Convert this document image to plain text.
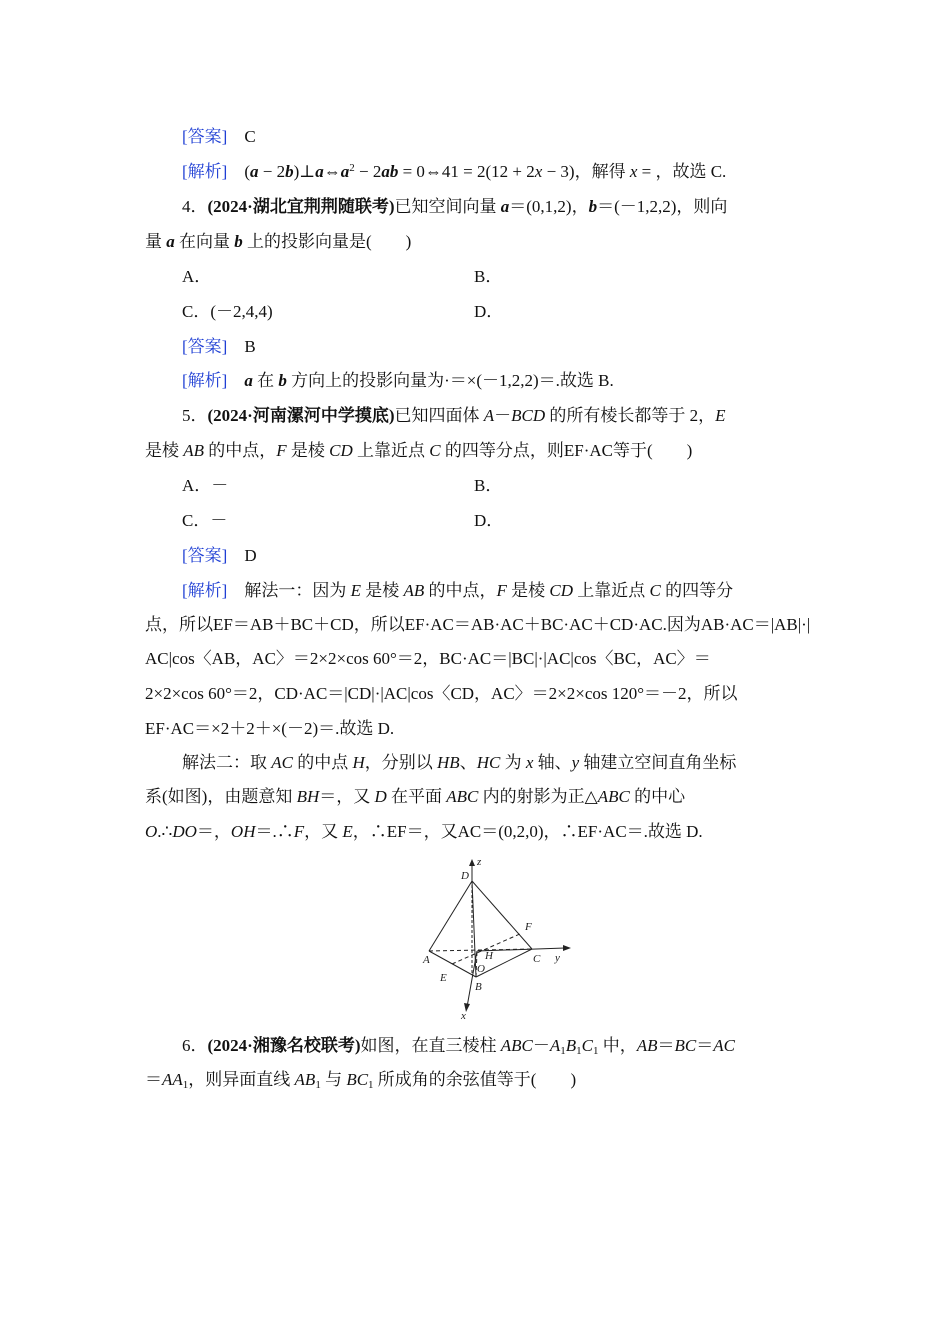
[答案]　 C
[解析]　 $(a - 2b)\perp a\Leftrightarrow a^2 - 2ab$ = 0⇔41 = 2(12 + 2x − 3)，解得 x = ，故选 C.
4．(2024·湖北宜荆荆随联考)已知空间向量 a＝(0,1,2)，b＝(－1,2,2)，则向
量 a 在向量 b 上的投影向量是(　　)
A．	B．
C．(－2,4,4)	D．
[答案]　 B
[解析]　 a 在 b 方向上的投影向量为·＝×(－1,2,2)＝.故选 B.
5．(2024·河南漯河中学摸底)已知四面体 A－BCD 的所有棱长都等于 2，E
是棱 AB 的中点，F 是棱 CD 上靠近点 C 的四等分点，则EF·AC等于(　　)
A．－	B．
C．－	D．
[答案]　 D
[解析]　 解法一：因为 E 是棱 AB 的中点，F 是棱 CD 上靠近点 C 的四等分
点，所以EF＝AB＋BC＋CD，所以EF·AC＝AB·AC＋BC·AC＋CD·AC.因为AB·AC＝|AB|·|
AC|cos〈AB，AC〉＝2×2×cos 60°＝2，BC·AC＝|BC|·|AC|cos〈BC，AC〉＝
2×2×cos 60°＝2，CD·AC＝|CD|·|AC|cos〈CD，AC〉＝2×2×cos 120°＝－2，所以
EF·AC＝×2＋2＋×(－2)＝.故选 D.
解法二：取 AC 的中点 H，分别以 HB、HC 为 x 轴、y 轴建立空间直角坐标
系(如图)，由题意知 BH＝，又 D 在平面 ABC 内的射影为正△ABC 的中心
O.∴DO＝，OH＝.∴F，又 E，∴EF＝，又AC＝(0,2,0)，∴EF·AC＝.故选 D.
z
D
F
A	H
O
C y
E
B
x
6．(2024·湘豫名校联考)如图，在直三棱柱 $ABC-A_1B_1C_1$ 中，AB＝BC＝AC
$=AA_1$，则异面直线 $AB_1$ 与 $BC_1$ 所成角的余弦值等于(　　)
